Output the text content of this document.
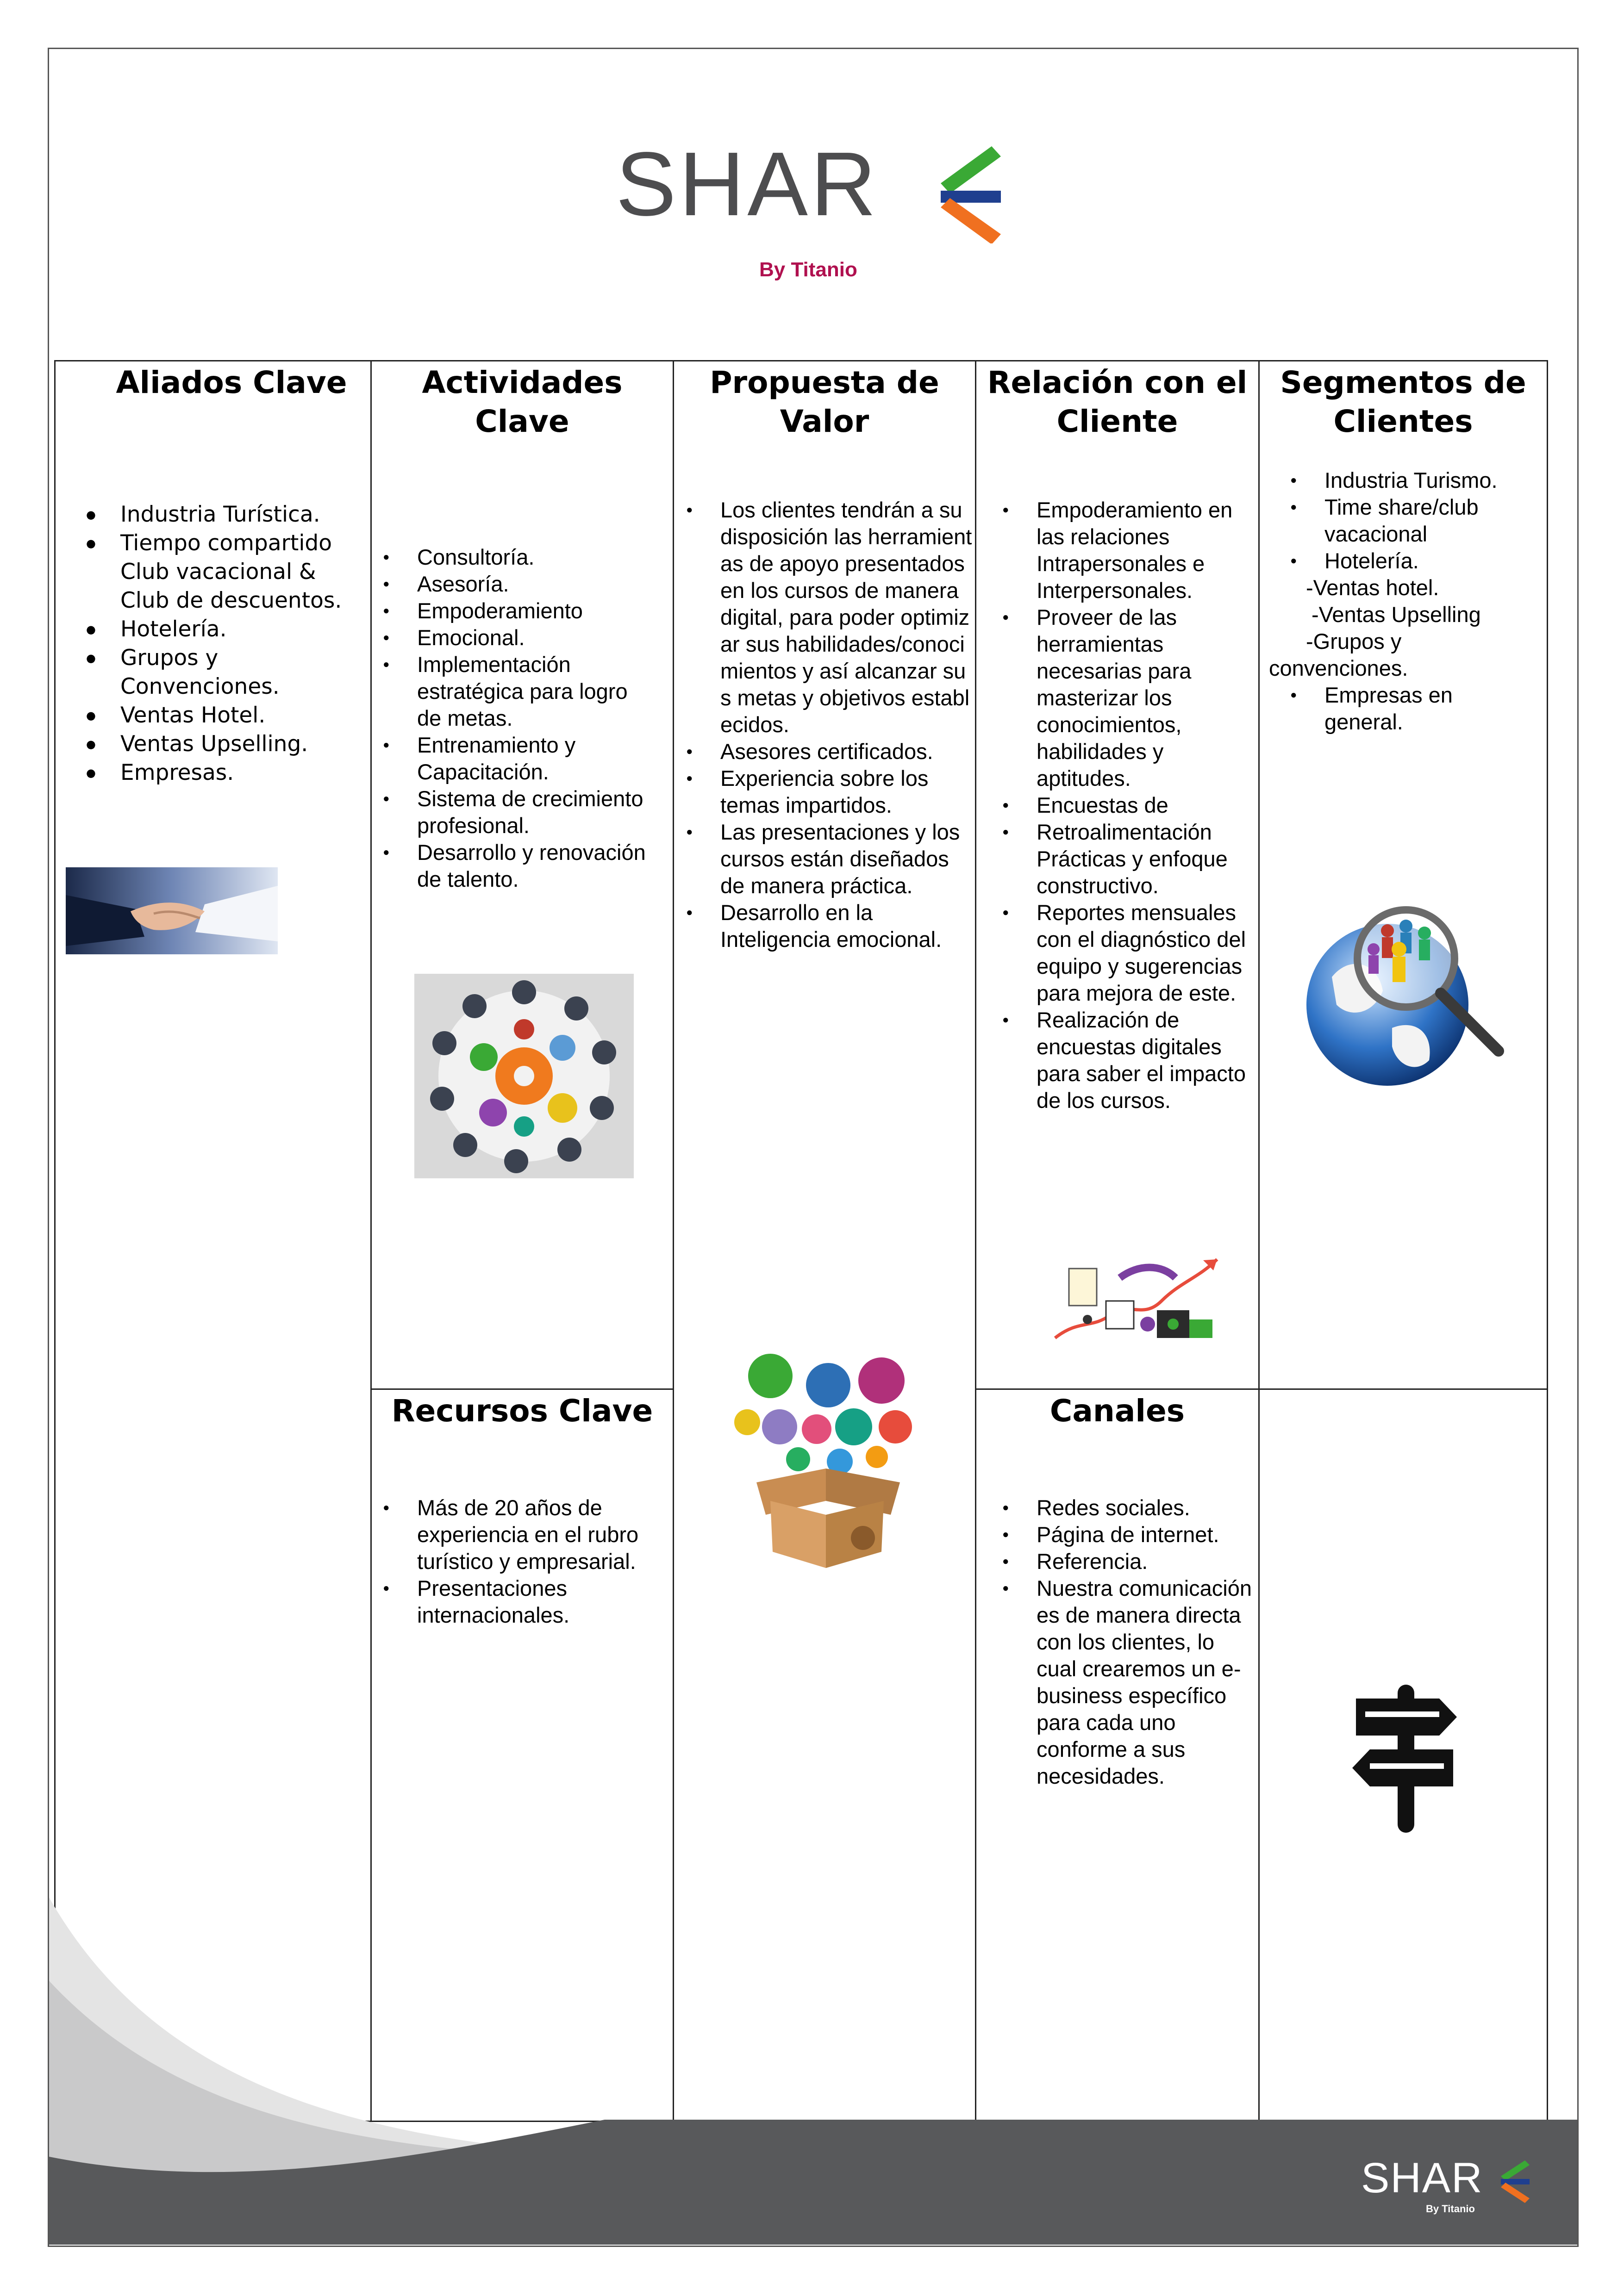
SHAR
By Titanio
Aliados Clave
● Industria Turística.
● Tiempo compartido Club vacacional & Club de descuentos.
● Hotelería.
● Grupos y Convenciones.
● Ventas Hotel.
● Ventas Upselling.
● Empresas.
Actividades Clave
● Consultoría.
● Asesoría.
● Empoderamiento
● Emocional.
● Implementación estratégica para logro de metas.
● Entrenamiento y Capacitación.
● Sistema de crecimiento profesional.
● Desarrollo y renovación de talento.
Propuesta de Valor
● Los clientes tendrán a su disposición las herramientas de apoyo presentados en los cursos de manera digital, para poder optimizar sus habilidades/conocimientos y así alcanzar sus metas y objetivos establecidos.
● Asesores certificados.
● Experiencia sobre los temas impartidos.
● Las presentaciones y los cursos están diseñados de manera práctica.
● Desarrollo en la Inteligencia emocional.
Relación con el Cliente
● Empoderamiento en las relaciones Intrapersonales e Interpersonales.
● Proveer de las herramientas necesarias para masterizar los conocimientos, habilidades y aptitudes.
● Encuestas de
● Retroalimentación Prácticas y enfoque constructivo.
● Reportes mensuales con el diagnóstico del equipo y sugerencias para mejora de este.
● Realización de encuestas digitales para saber el impacto de los cursos.
Segmentos de Clientes
● Industria Turismo.
● Time share/club vacacional
● Hotelería.
-Ventas hotel.
-Ventas Upselling
-Grupos y
convenciones.
● Empresas en general.
Recursos Clave
● Más de 20 años de experiencia en el rubro turístico y empresarial.
● Presentaciones internacionales.
Canales
● Redes sociales.
● Página de internet.
● Referencia.
● Nuestra comunicación es de manera directa con los clientes, lo cual crearemos un e-business específico para cada uno conforme a sus necesidades.
SHAR
By Titanio
